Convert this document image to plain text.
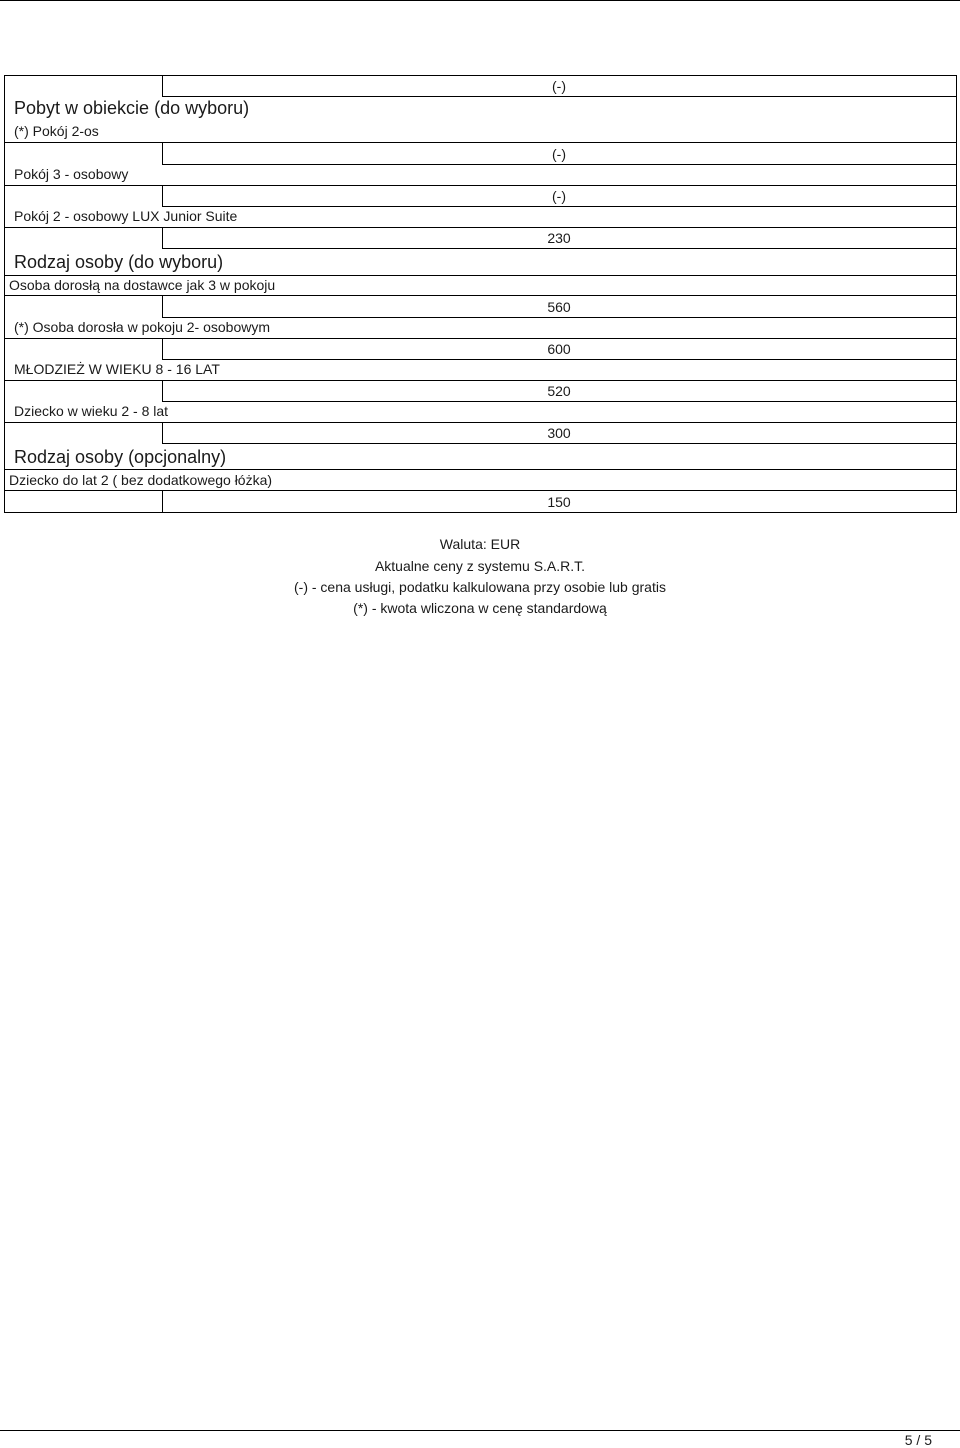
Pobyt w obiekcie (do wyboru)
Rodzaj osoby (do wyboru)
Rodzaj osoby (opcjonalny)
(*) Pokój 2-os
Pokój 3 - osobowy
Pokój 2 - osobowy LUX Junior Suite
Osoba dorosłą na dostawce jak 3 w pokoju
(*) Osoba dorosła w pokoju 2- osobowym
MŁODZIEŻ W WIEKU 8 - 16 LAT
Dziecko w wieku 2 - 8 lat
Dziecko do lat 2 ( bez dodatkowego łóżka)
(-)
(-)
(-)
230
560
600
520
300
150
Waluta: EUR
Aktualne ceny z systemu S.A.R.T.
(-) - cena usługi, podatku kalkulowana przy osobie lub gratis
(*) - kwota wliczona w cenę standardową
5 / 5
